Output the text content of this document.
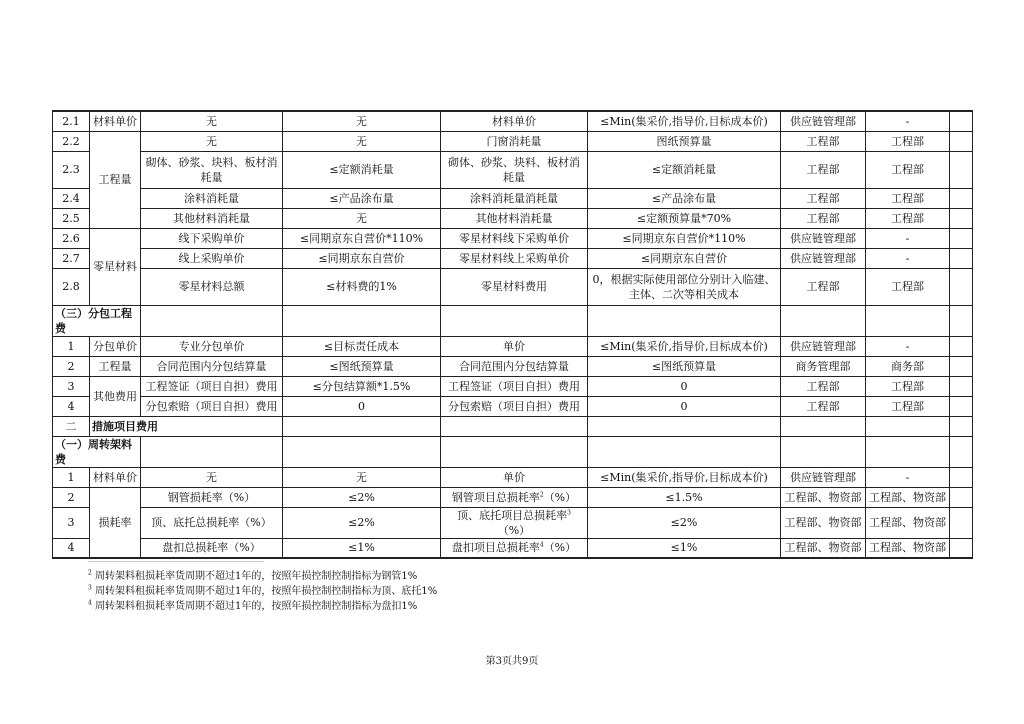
2.1	材料单价	无	无	材料单价	≤Min(集采价,指导价,目标成本价)	供应链管理部	-	
2.2	工程量	无	无	门窗消耗量	图纸预算量	工程部	工程部	
2.3		砌体、砂浆、块料、板材消耗量	≤定额消耗量	砌体、砂浆、块料、板材消耗量	≤定额消耗量	工程部	工程部	
2.4		涂料消耗量	≤产品涂布量	涂料消耗量消耗量	≤产品涂布量	工程部	工程部	
2.5		其他材料消耗量	无	其他材料消耗量	≤定额预算量*70%	工程部	工程部	
2.6	零星材料	线下采购单价	≤同期京东自营价*110%	零星材料线下采购单价	≤同期京东自营价*110%	供应链管理部	-	
2.7		线上采购单价	≤同期京东自营价	零星材料线上采购单价	≤同期京东自营价	供应链管理部	-	
2.8		零星材料总额	≤材料费的1%	零星材料费用	0，根据实际使用部位分别计入临建、主体、二次等相关成本	工程部	工程部	
（三）分包工程费								
1	分包单价	专业分包单价	≤目标责任成本	单价	≤Min(集采价,指导价,目标成本价)	供应链管理部	-	
2	工程量	合同范围内分包结算量	≤图纸预算量	合同范围内分包结算量	≤图纸预算量	商务管理部	商务部	
3	其他费用	工程签证（项目自担）费用	≤分包结算额*1.5%	工程签证（项目自担）费用	0	工程部	工程部	
4		分包索赔（项目自担）费用	0	分包索赔（项目自担）费用	0	工程部	工程部	
二	措施项目费用							
（一）周转架料费								
1	材料单价	无	无	单价	≤Min(集采价,指导价,目标成本价)	供应链管理部	-	
2	损耗率	钢管损耗率（%）	≤2%	钢管项目总损耗率$^2$（%）	≤1.5%	工程部、物资部	工程部、物资部	
3		顶、底托总损耗率（%）	≤2%	顶、底托项目总损耗率$^3$（%）	≤2%	工程部、物资部	工程部、物资部	
4		盘扣总损耗率（%）	≤1%	盘扣项目总损耗率$^4$（%）	≤1%	工程部、物资部	工程部、物资部	
$^2$ 周转架料租损耗率货周期不超过1年的，按照年损控制控制指标为钢管1%
$^3$ 周转架料租损耗率货周期不超过1年的，按照年损控制控制指标为顶、底托1%
$^4$ 周转架料租损耗率货周期不超过1年的，按照年损控制控制指标为盘扣1%
第3页共9页
